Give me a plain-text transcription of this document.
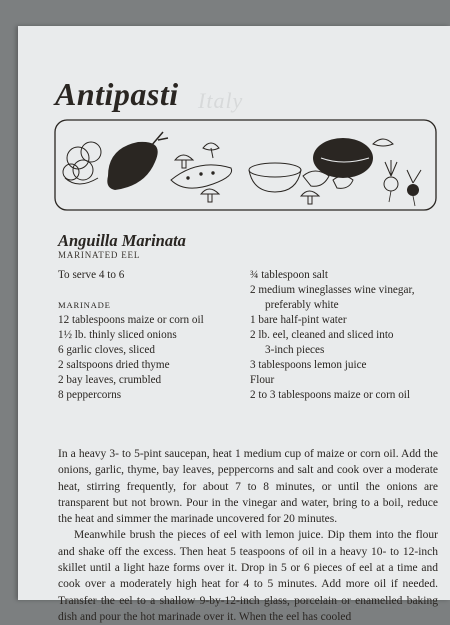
Italy
Antipasti
Anguilla Marinata
MARINATED EEL
To serve 4 to 6
MARINADE
12 tablespoons maize or corn oil
1½ lb. thinly sliced onions
6 garlic cloves, sliced
2 saltspoons dried thyme
2 bay leaves, crumbled
8 peppercorns
¾ tablespoon salt
2 medium wineglasses wine vinegar,
preferably white
1 bare half-pint water
2 lb. eel, cleaned and sliced into
3-inch pieces
3 tablespoons lemon juice
Flour
2 to 3 tablespoons maize or corn oil

In a heavy 3- to 5-pint saucepan, heat 1 medium cup of maize or corn oil. Add the onions, garlic, thyme, bay leaves, peppercorns and salt and cook over a moderate heat, stirring frequently, for about 7 to 8 minutes, or until the onions are transparent but not brown. Pour in the vinegar and water, bring to a boil, reduce the heat and simmer the marinade uncovered for 20 minutes.

Meanwhile brush the pieces of eel with lemon juice. Dip them into the flour and shake off the excess. Then heat 5 teaspoons of oil in a heavy 10- to 12-inch skillet until a light haze forms over it. Drop in 5 or 6 pieces of eel at a time and cook over a moderately high heat for 4 to 5 minutes. Add more oil if needed. Transfer the eel to a shallow 9-by-12-inch glass, porcelain or enamelled baking dish and pour the hot marinade over it. When the eel has cooled
